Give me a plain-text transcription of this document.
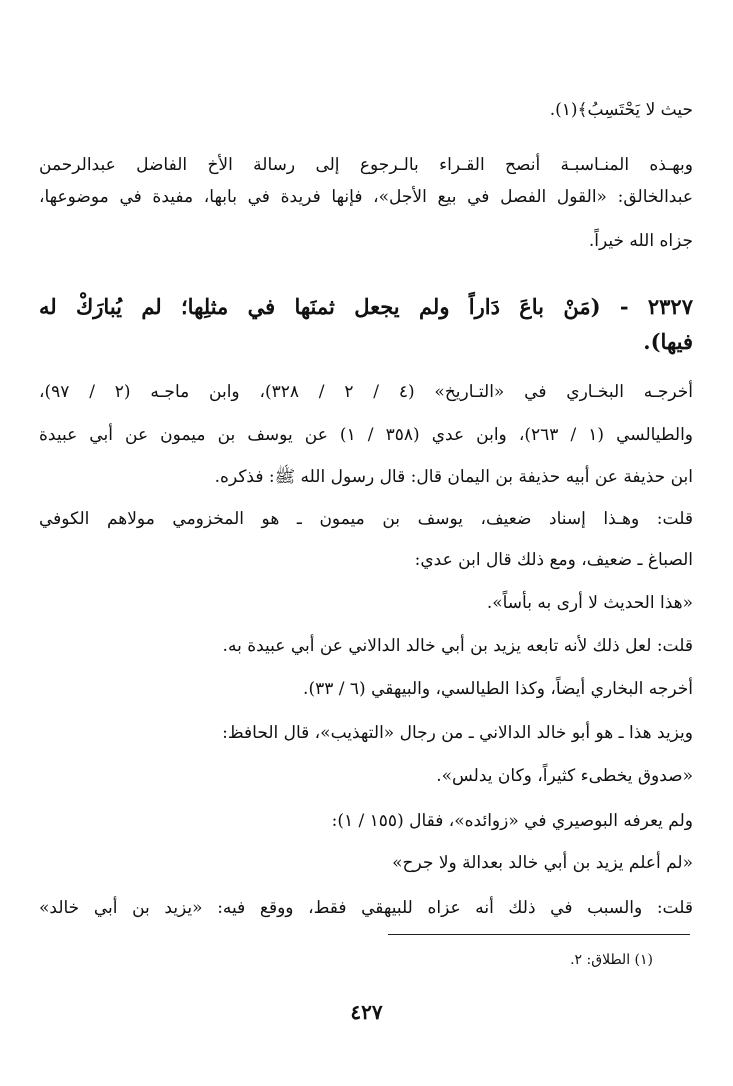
حيث لا يَحْتَسِبُ﴾(١).
وبهـذه المنـاسبـة أنصح القـراء بالـرجوع إلى رسالة الأخ الفاضل عبدالرحمن
عبدالخالق: «القول الفصل في بيع الأجل»، فإنها فريدة في بابها، مفيدة في موضوعها،
جزاه الله خيراً.
٢٣٢٧ - (مَنْ باعَ دَاراً ولم يجعل ثمنَها في مثلِها؛ لم يُبارَكْ له
فيها).
أخرجـه البخـاري في «التـاريخ» (٤ / ٢ / ٣٢٨)، وابن ماجـه (٢ / ٩٧)،
والطيالسي (١ / ٢٦٣)، وابن عدي (٣٥٨ / ١) عن يوسف بن ميمون عن أبي عبيدة
ابن حذيفة عن أبيه حذيفة بن اليمان قال: قال رسول الله ﷺ: فذكره.
قلت: وهـذا إسناد ضعيف، يوسف بن ميمون ـ هو المخزومي مولاهم الكوفي
الصباغ ـ ضعيف، ومع ذلك قال ابن عدي:
«هذا الحديث لا أرى به بأساً».
قلت: لعل ذلك لأنه تابعه يزيد بن أبي خالد الدالاني عن أبي عبيدة به.
أخرجه البخاري أيضاً، وكذا الطيالسي، والبيهقي (٦ / ٣٣).
ويزيد هذا ـ هو أبو خالد الدالاني ـ من رجال «التهذيب»، قال الحافظ:
«صدوق يخطىء كثيراً، وكان يدلس».
ولم يعرفه البوصيري في «زوائده»، فقال (١٥٥ / ١):
«لم أعلم يزيد بن أبي خالد بعدالة ولا جرح»
قلت: والسبب في ذلك أنه عزاه للبيهقي فقط، ووقع فيه: «يزيد بن أبي خالد»
(١) الطلاق: ٢.
٤٢٧
